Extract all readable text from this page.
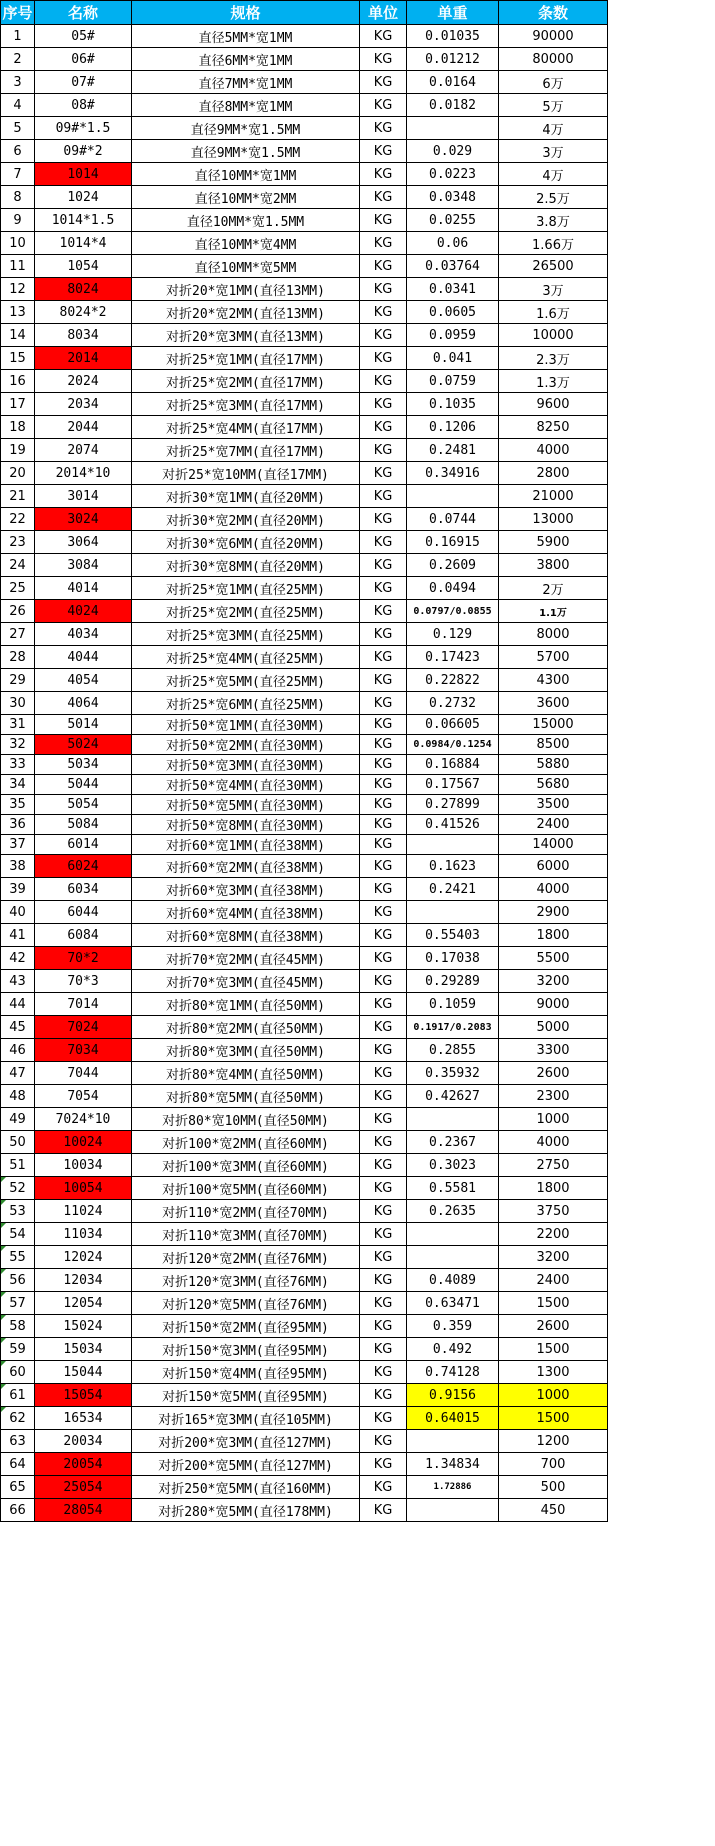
序号	名称	规格	单位	单重	条数
1	05#	直径5MM*宽1MM	KG	0.01035	90000
2	06#	直径6MM*宽1MM	KG	0.01212	80000
3	07#	直径7MM*宽1MM	KG	0.0164	6万
4	08#	直径8MM*宽1MM	KG	0.0182	5万
5	09#*1.5	直径9MM*宽1.5MM	KG		4万
6	09#*2	直径9MM*宽1.5MM	KG	0.029	3万
7	1014	直径10MM*宽1MM	KG	0.0223	4万
8	1024	直径10MM*宽2MM	KG	0.0348	2.5万
9	1014*1.5	直径10MM*宽1.5MM	KG	0.0255	3.8万
10	1014*4	直径10MM*宽4MM	KG	0.06	1.66万
11	1054	直径10MM*宽5MM	KG	0.03764	26500
12	8024	对折20*宽1MM(直径13MM)	KG	0.0341	3万
13	8024*2	对折20*宽2MM(直径13MM)	KG	0.0605	1.6万
14	8034	对折20*宽3MM(直径13MM)	KG	0.0959	10000
15	2014	对折25*宽1MM(直径17MM)	KG	0.041	2.3万
16	2024	对折25*宽2MM(直径17MM)	KG	0.0759	1.3万
17	2034	对折25*宽3MM(直径17MM)	KG	0.1035	9600
18	2044	对折25*宽4MM(直径17MM)	KG	0.1206	8250
19	2074	对折25*宽7MM(直径17MM)	KG	0.2481	4000
20	2014*10	对折25*宽10MM(直径17MM)	KG	0.34916	2800
21	3014	对折30*宽1MM(直径20MM)	KG		21000
22	3024	对折30*宽2MM(直径20MM)	KG	0.0744	13000
23	3064	对折30*宽6MM(直径20MM)	KG	0.16915	5900
24	3084	对折30*宽8MM(直径20MM)	KG	0.2609	3800
25	4014	对折25*宽1MM(直径25MM)	KG	0.0494	2万
26	4024	对折25*宽2MM(直径25MM)	KG	0.0797/0.0855	1.1万
27	4034	对折25*宽3MM(直径25MM)	KG	0.129	8000
28	4044	对折25*宽4MM(直径25MM)	KG	0.17423	5700
29	4054	对折25*宽5MM(直径25MM)	KG	0.22822	4300
30	4064	对折25*宽6MM(直径25MM)	KG	0.2732	3600
31	5014	对折50*宽1MM(直径30MM)	KG	0.06605	15000
32	5024	对折50*宽2MM(直径30MM)	KG	0.0984/0.1254	8500
33	5034	对折50*宽3MM(直径30MM)	KG	0.16884	5880
34	5044	对折50*宽4MM(直径30MM)	KG	0.17567	5680
35	5054	对折50*宽5MM(直径30MM)	KG	0.27899	3500
36	5084	对折50*宽8MM(直径30MM)	KG	0.41526	2400
37	6014	对折60*宽1MM(直径38MM)	KG		14000
38	6024	对折60*宽2MM(直径38MM)	KG	0.1623	6000
39	6034	对折60*宽3MM(直径38MM)	KG	0.2421	4000
40	6044	对折60*宽4MM(直径38MM)	KG		2900
41	6084	对折60*宽8MM(直径38MM)	KG	0.55403	1800
42	70*2	对折70*宽2MM(直径45MM)	KG	0.17038	5500
43	70*3	对折70*宽3MM(直径45MM)	KG	0.29289	3200
44	7014	对折80*宽1MM(直径50MM)	KG	0.1059	9000
45	7024	对折80*宽2MM(直径50MM)	KG	0.1917/0.2083	5000
46	7034	对折80*宽3MM(直径50MM)	KG	0.2855	3300
47	7044	对折80*宽4MM(直径50MM)	KG	0.35932	2600
48	7054	对折80*宽5MM(直径50MM)	KG	0.42627	2300
49	7024*10	对折80*宽10MM(直径50MM)	KG		1000
50	10024	对折100*宽2MM(直径60MM)	KG	0.2367	4000
51	10034	对折100*宽3MM(直径60MM)	KG	0.3023	2750
52	10054	对折100*宽5MM(直径60MM)	KG	0.5581	1800
53	11024	对折110*宽2MM(直径70MM)	KG	0.2635	3750
54	11034	对折110*宽3MM(直径70MM)	KG		2200
55	12024	对折120*宽2MM(直径76MM)	KG		3200
56	12034	对折120*宽3MM(直径76MM)	KG	0.4089	2400
57	12054	对折120*宽5MM(直径76MM)	KG	0.63471	1500
58	15024	对折150*宽2MM(直径95MM)	KG	0.359	2600
59	15034	对折150*宽3MM(直径95MM)	KG	0.492	1500
60	15044	对折150*宽4MM(直径95MM)	KG	0.74128	1300
61	15054	对折150*宽5MM(直径95MM)	KG	0.9156	1000
62	16534	对折165*宽3MM(直径105MM)	KG	0.64015	1500
63	20034	对折200*宽3MM(直径127MM)	KG		1200
64	20054	对折200*宽5MM(直径127MM)	KG	1.34834	700
65	25054	对折250*宽5MM(直径160MM)	KG	1.72886	500
66	28054	对折280*宽5MM(直径178MM)	KG		450
